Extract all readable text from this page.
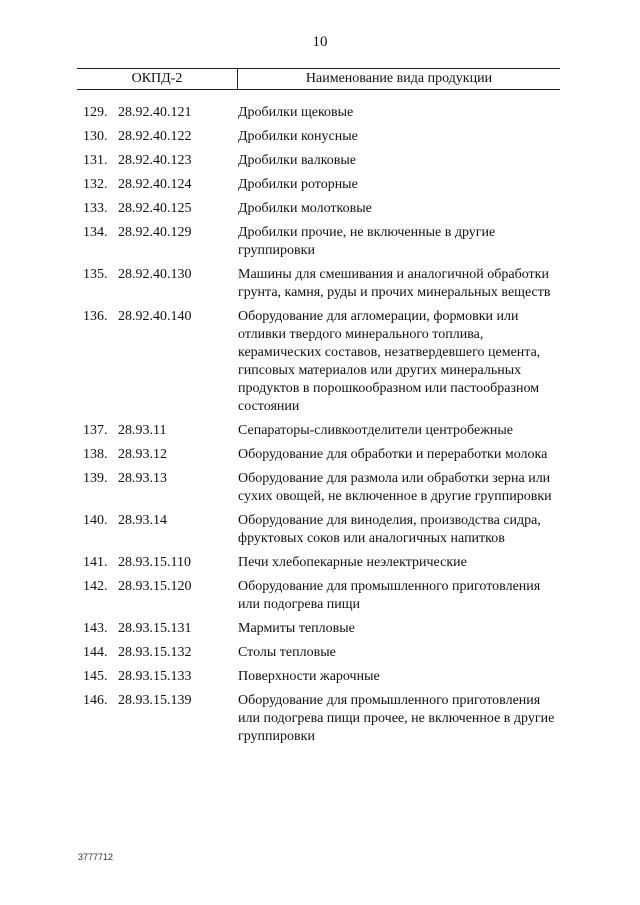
10
ОКПД-2	Наименование вида продукции
129. 28.92.40.121	Дробилки щековые
130. 28.92.40.122	Дробилки конусные
131. 28.92.40.123	Дробилки валковые
132. 28.92.40.124	Дробилки роторные
133. 28.92.40.125	Дробилки молотковые
134. 28.92.40.129	Дробилки прочие, не включенные в другие группировки
135. 28.92.40.130	Машины для смешивания и аналогичной обработки грунта, камня, руды и прочих минеральных веществ
136. 28.92.40.140	Оборудование для агломерации, формовки или отливки твердого минерального топлива, керамических составов, незатвердевшего цемента, гипсовых материалов или других минеральных продуктов в порошкообразном или пастообразном состоянии
137. 28.93.11	Сепараторы-сливкоотделители центробежные
138. 28.93.12	Оборудование для обработки и переработки молока
139. 28.93.13	Оборудование для размола или обработки зерна или сухих овощей, не включенное в другие группировки
140. 28.93.14	Оборудование для виноделия, производства сидра, фруктовых соков или аналогичных напитков
141. 28.93.15.110	Печи хлебопекарные неэлектрические
142. 28.93.15.120	Оборудование для промышленного приготовления или подогрева пищи
143. 28.93.15.131	Мармиты тепловые
144. 28.93.15.132	Столы тепловые
145. 28.93.15.133	Поверхности жарочные
146. 28.93.15.139	Оборудование для промышленного приготовления или подогрева пищи прочее, не включенное в другие группировки
3777712
